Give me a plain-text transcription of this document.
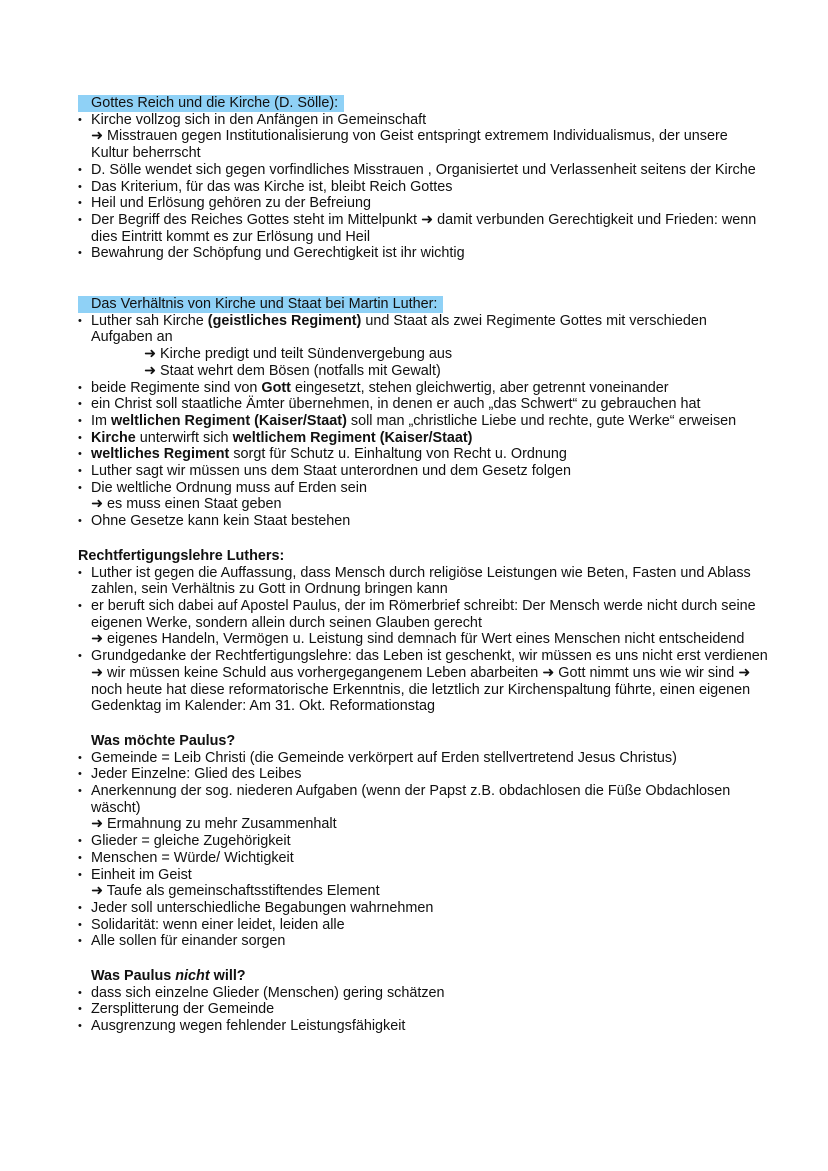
Gottes Reich und die Kirche (D. Sölle):
• Kirche vollzog sich in den Anfängen in Gemeinschaft
➜ Misstrauen gegen Institutionalisierung von Geist entspringt extremem Individualismus, der unsere Kultur beherrscht
• D. Sölle wendet sich gegen vorfindliches Misstrauen , Organisiertet und Verlassenheit seitens der Kirche
• Das Kriterium, für das was Kirche ist, bleibt Reich Gottes
• Heil und Erlösung gehören zu der Befreiung
• Der Begriff des Reiches Gottes steht im Mittelpunkt ➜ damit verbunden Gerechtigkeit und Frieden: wenn dies Eintritt kommt es zur Erlösung und Heil
• Bewahrung der Schöpfung und Gerechtigkeit ist ihr wichtig
Das Verhältnis von Kirche und Staat bei Martin Luther:
• Luther sah Kirche (geistliches Regiment) und Staat als zwei Regimente Gottes mit verschieden Aufgaben an
➜ Kirche predigt und teilt Sündenvergebung aus
➜ Staat wehrt dem Bösen (notfalls mit Gewalt)
• beide Regimente sind von Gott eingesetzt, stehen gleichwertig, aber getrennt voneinander
• ein Christ soll staatliche Ämter übernehmen, in denen er auch „das Schwert“ zu gebrauchen hat
• Im weltlichen Regiment (Kaiser/Staat) soll man „christliche Liebe und rechte, gute Werke“ erweisen
• Kirche unterwirft sich weltlichem Regiment (Kaiser/Staat)
• weltliches Regiment sorgt für Schutz u. Einhaltung von Recht u. Ordnung
• Luther sagt wir müssen uns dem Staat unterordnen und dem Gesetz folgen
• Die weltliche Ordnung muss auf Erden sein
➜ es muss einen Staat geben
• Ohne Gesetze kann kein Staat bestehen
Rechtfertigungslehre Luthers:
• Luther ist gegen die Auffassung, dass Mensch durch religiöse Leistungen wie Beten, Fasten und Ablass zahlen, sein Verhältnis zu Gott in Ordnung bringen kann
• er beruft sich dabei auf Apostel Paulus, der im Römerbrief schreibt: Der Mensch werde nicht durch seine eigenen Werke, sondern allein durch seinen Glauben gerecht
➜ eigenes Handeln, Vermögen u. Leistung sind demnach für Wert eines Menschen nicht entscheidend
• Grundgedanke der Rechtfertigungslehre: das Leben ist geschenkt, wir müssen es uns nicht erst verdienen ➜ wir müssen keine Schuld aus vorhergegangenem Leben abarbeiten ➜ Gott nimmt uns wie wir sind ➜ noch heute hat diese reformatorische Erkenntnis, die letztlich zur Kirchenspaltung führte, einen eigenen Gedenktag im Kalender: Am 31. Okt. Reformationstag
Was möchte Paulus?
• Gemeinde = Leib Christi (die Gemeinde verkörpert auf Erden stellvertretend Jesus Christus)
• Jeder Einzelne: Glied des Leibes
• Anerkennung der sog. niederen Aufgaben (wenn der Papst z.B. obdachlosen die Füße Obdachlosen wäscht)
➜ Ermahnung zu mehr Zusammenhalt
• Glieder = gleiche Zugehörigkeit
• Menschen = Würde/ Wichtigkeit
• Einheit im Geist
➜ Taufe als gemeinschaftsstiftendes Element
• Jeder soll unterschiedliche Begabungen wahrnehmen
• Solidarität: wenn einer leidet, leiden alle
• Alle sollen für einander sorgen
Was Paulus nicht will?
• dass sich einzelne Glieder (Menschen) gering schätzen
• Zersplitterung der Gemeinde
• Ausgrenzung wegen fehlender Leistungsfähigkeit
